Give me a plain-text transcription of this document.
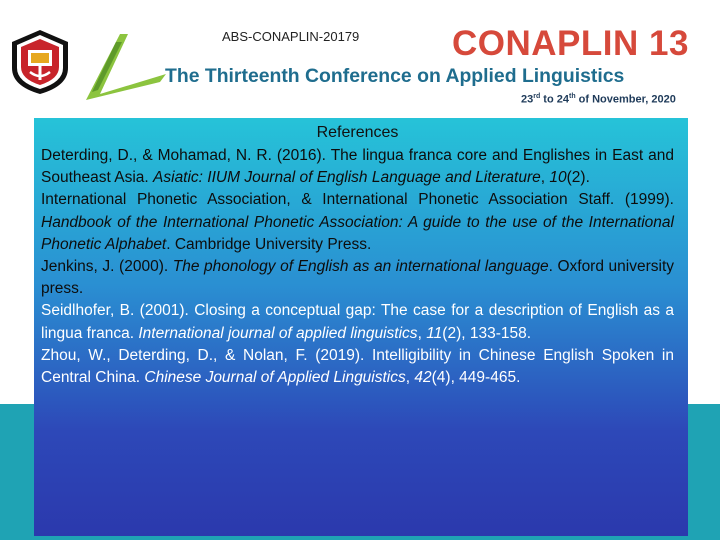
ABS-CONAPLIN-20179	CONAPLIN 13
The Thirteenth Conference on Applied Linguistics
23rd to 24th of November, 2020
References

Deterding, D., & Mohamad, N. R. (2016). The lingua franca core and Englishes in East and Southeast Asia. Asiatic: IIUM Journal of English Language and Literature, 10(2).

International Phonetic Association, & International Phonetic Association Staff. (1999). Handbook of the International Phonetic Association: A guide to the use of the International Phonetic Alphabet. Cambridge University Press.

Jenkins, J. (2000). The phonology of English as an international language. Oxford university press.

Seidlhofer, B. (2001). Closing a conceptual gap: The case for a description of English as a lingua franca. International journal of applied linguistics, 11(2), 133-158.

Zhou, W., Deterding, D., & Nolan, F. (2019). Intelligibility in Chinese English Spoken in Central China. Chinese Journal of Applied Linguistics, 42(4), 449-465.
